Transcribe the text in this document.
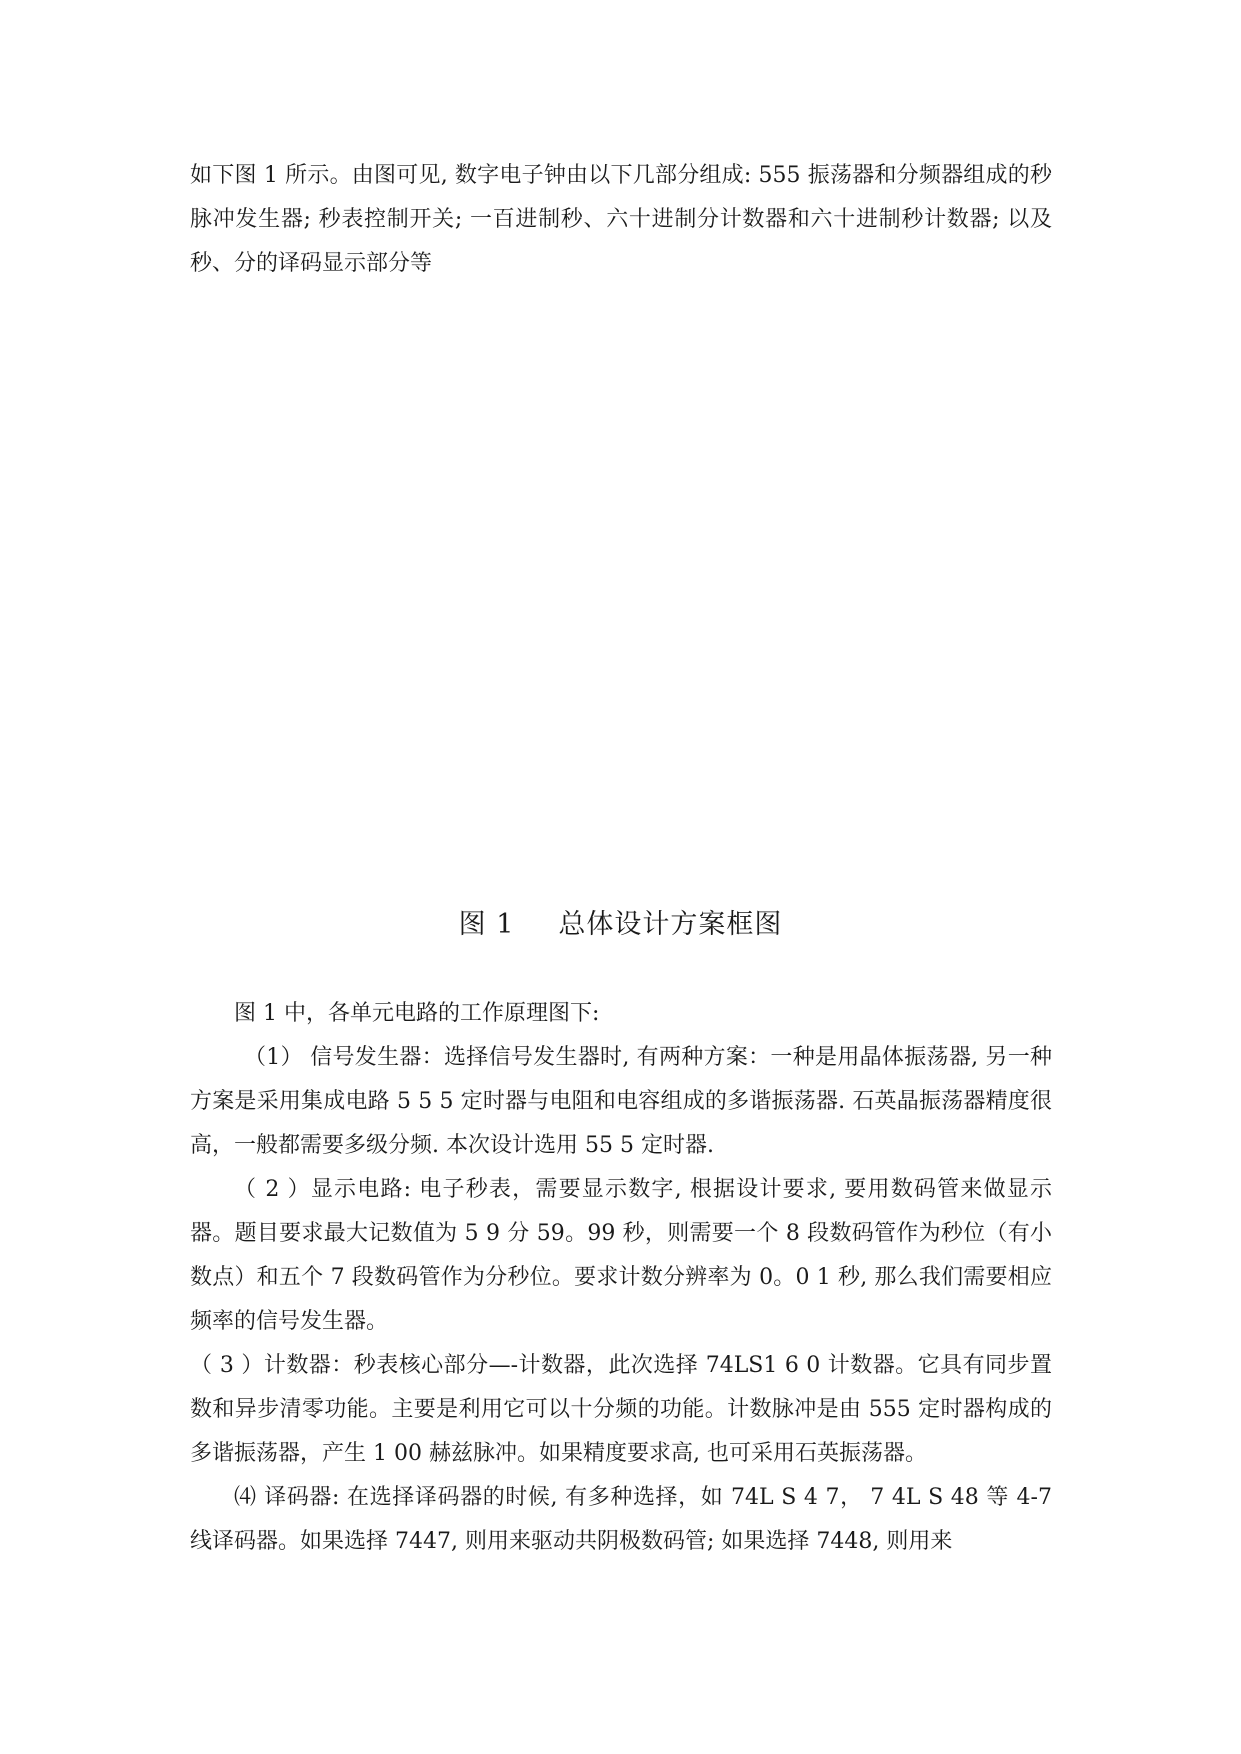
如下图 1 所示。由图可见, 数字电子钟由以下几部分组成: 555 振荡器和分频器组成的秒脉冲发生器; 秒表控制开关; 一百进制秒、六十进制分计数器和六十进制秒计数器; 以及秒、分的译码显示部分等

图 1 总体设计方案框图

图 1 中，各单元电路的工作原理图下:

（1） 信号发生器：选择信号发生器时, 有两种方案：一种是用晶体振荡器, 另一种方案是采用集成电路 5 5 5 定时器与电阻和电容组成的多谐振荡器. 石英晶振荡器精度很高，一般都需要多级分频. 本次设计选用 55 5 定时器.

（ 2 ）显示电路: 电子秒表，需要显示数字, 根据设计要求, 要用数码管来做显示器。题目要求最大记数值为 5 9 分 59。99 秒，则需要一个 8 段数码管作为秒位（有小数点）和五个 7 段数码管作为分秒位。要求计数分辨率为 0。0 1 秒, 那么我们需要相应频率的信号发生器。

（ 3 ）计数器：秒表核心部分—-计数器，此次选择 74LS1 6 0 计数器。它具有同步置数和异步清零功能。主要是利用它可以十分频的功能。计数脉冲是由 555 定时器构成的多谐振荡器，产生 1 00 赫兹脉冲。如果精度要求高, 也可采用石英振荡器。

⑷ 译码器: 在选择译码器的时候, 有多种选择，如 74L S 4 7， 7 4L S 48 等 4-7 线译码器。如果选择 7447, 则用来驱动共阴极数码管; 如果选择 7448, 则用来
